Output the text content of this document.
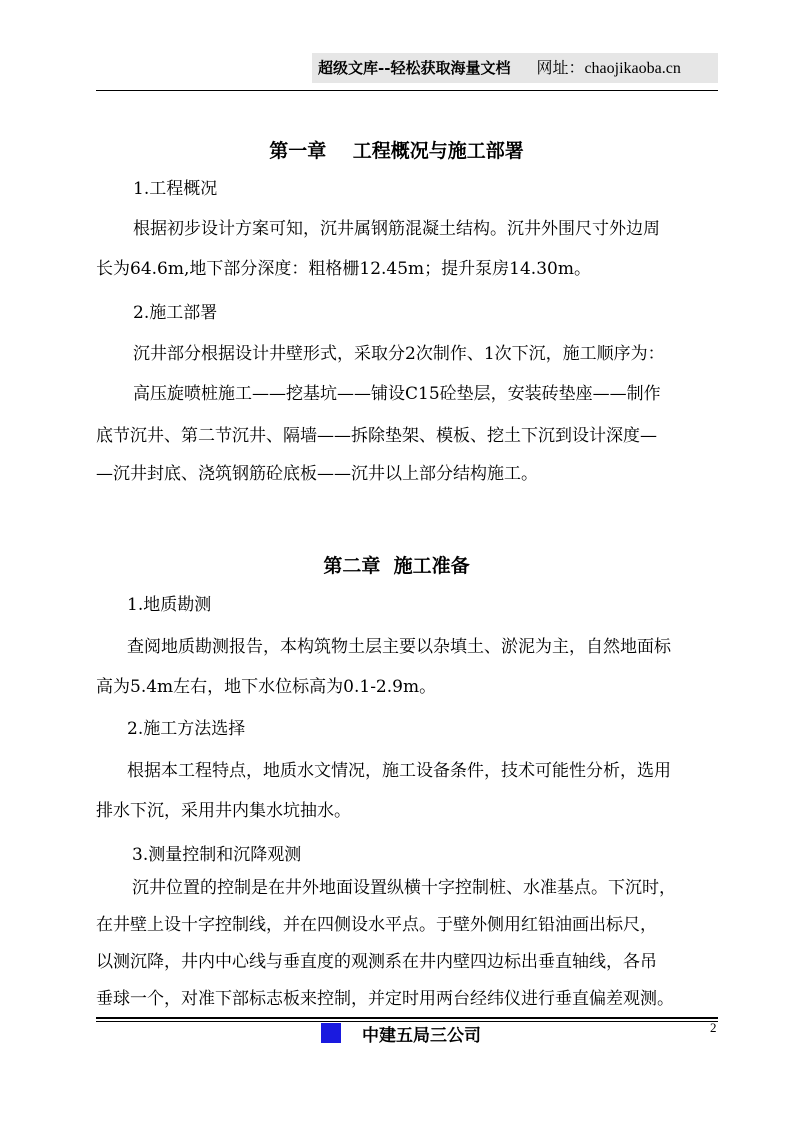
超级文库--轻松获取海量文档 网址：chaojikaoba.cn
第一章    工程概况与施工部署
1.工程概况
根据初步设计方案可知，沉井属钢筋混凝土结构。沉井外围尺寸外边周
长为64.6m,地下部分深度：粗格栅12.45m；提升泵房14.30m。
2.施工部署
沉井部分根据设计井壁形式，采取分2次制作、1次下沉，施工顺序为：
高压旋喷桩施工——挖基坑——铺设C15砼垫层，安装砖垫座——制作
底节沉井、第二节沉井、隔墙——拆除垫架、模板、挖土下沉到设计深度—
—沉井封底、浇筑钢筋砼底板——沉井以上部分结构施工。
第二章  施工准备
1.地质勘测
查阅地质勘测报告，本构筑物土层主要以杂填土、淤泥为主，自然地面标
高为5.4m左右，地下水位标高为0.1-2.9m。
2.施工方法选择
根据本工程特点，地质水文情况，施工设备条件，技术可能性分析，选用
排水下沉，采用井内集水坑抽水。
3.测量控制和沉降观测
沉井位置的控制是在井外地面设置纵横十字控制桩、水准基点。下沉时，
在井壁上设十字控制线，并在四侧设水平点。于壁外侧用红铅油画出标尺，
以测沉降，井内中心线与垂直度的观测系在井内壁四边标出垂直轴线，各吊
垂球一个，对准下部标志板来控制，并定时用两台经纬仪进行垂直偏差观测。
中建五局三公司	2
